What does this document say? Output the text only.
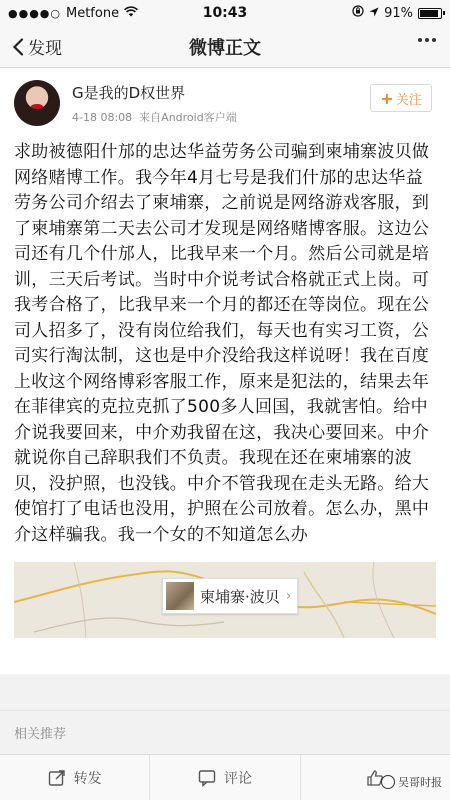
●●●●○ Metfone	10:43	91%
发现	微博正文
G是我的D权世界
4-18 08:08 来自Android客户端
+ 关注
求助被德阳什邡的忠达华益劳务公司骗到柬埔寨波贝做网络赌博工作。我今年4月七号是我们什邡的忠达华益劳务公司介绍去了柬埔寨，之前说是网络游戏客服，到了柬埔寨第二天去公司才发现是网络赌博客服。这边公司还有几个什邡人，比我早来一个月。然后公司就是培训，三天后考试。当时中介说考试合格就正式上岗。可我考合格了，比我早来一个月的都还在等岗位。现在公司人招多了，没有岗位给我们，每天也有实习工资，公司实行淘汰制，这也是中介没给我这样说呀！我在百度上收这个网络博彩客服工作，原来是犯法的，结果去年在菲律宾的克拉克抓了500多人回国，我就害怕。给中介说我要回来，中介劝我留在这，我决心要回来。中介就说你自己辞职我们不负责。我现在还在柬埔寨的波贝，没护照，也没钱。中介不管我现在走头无路。给大使馆打了电话也没用，护照在公司放着。怎么办，黑中介这样骗我。我一个女的不知道怎么办
柬埔寨·波贝 ›
相关推荐
转发	评论	吴哥时报
